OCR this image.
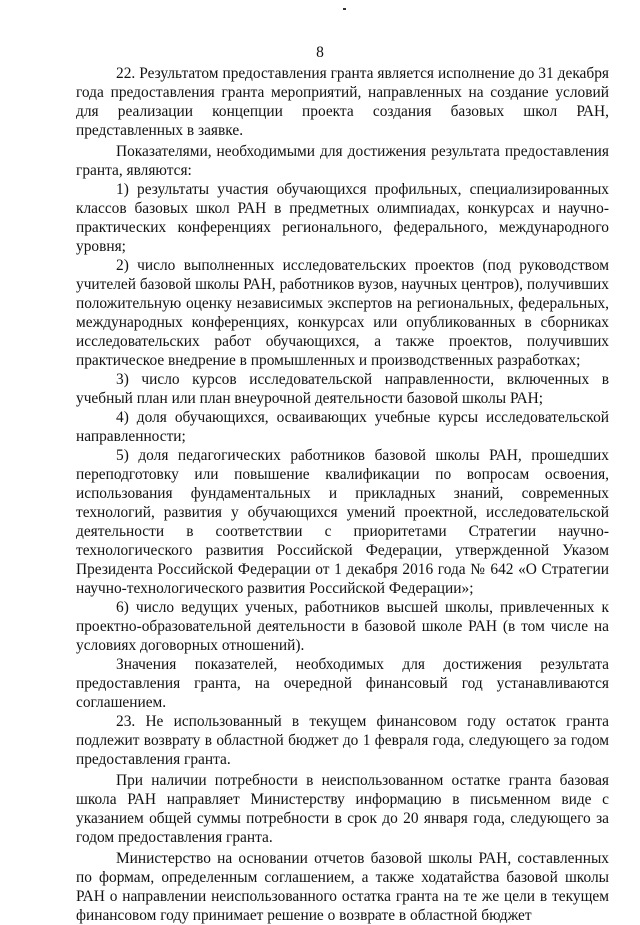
8

22. Результатом предоставления гранта является исполнение до 31 декабря года предоставления гранта мероприятий, направленных на создание условий для реализации концепции проекта создания базовых школ РАН, представленных в заявке.

Показателями, необходимыми для достижения результата предоставления гранта, являются:

1) результаты участия обучающихся профильных, специализированных классов базовых школ РАН в предметных олимпиадах, конкурсах и научно-практических конференциях регионального, федерального, международного уровня;

2) число выполненных исследовательских проектов (под руководством учителей базовой школы РАН, работников вузов, научных центров), получивших положительную оценку независимых экспертов на региональных, федеральных, международных конференциях, конкурсах или опубликованных в сборниках исследовательских работ обучающихся, а также проектов, получивших практическое внедрение в промышленных и производственных разработках;

3) число курсов исследовательской направленности, включенных в учебный план или план внеурочной деятельности базовой школы РАН;

4) доля обучающихся, осваивающих учебные курсы исследовательской направленности;

5) доля педагогических работников базовой школы РАН, прошедших переподготовку или повышение квалификации по вопросам освоения, использования фундаментальных и прикладных знаний, современных технологий, развития у обучающихся умений проектной, исследовательской деятельности в соответствии с приоритетами Стратегии научно-технологического развития Российской Федерации, утвержденной Указом Президента Российской Федерации от 1 декабря 2016 года № 642 «О Стратегии научно-технологического развития Российской Федерации»;

6) число ведущих ученых, работников высшей школы, привлеченных к проектно-образовательной деятельности в базовой школе РАН (в том числе на условиях договорных отношений).

Значения показателей, необходимых для достижения результата предоставления гранта, на очередной финансовый год устанавливаются соглашением.

23. Не использованный в текущем финансовом году остаток гранта подлежит возврату в областной бюджет до 1 февраля года, следующего за годом предоставления гранта.

При наличии потребности в неиспользованном остатке гранта базовая школа РАН направляет Министерству информацию в письменном виде с указанием общей суммы потребности в срок до 20 января года, следующего за годом предоставления гранта.

Министерство на основании отчетов базовой школы РАН, составленных по формам, определенным соглашением, а также ходатайства базовой школы РАН о направлении неиспользованного остатка гранта на те же цели в текущем финансовом году принимает решение о возврате в областной бюджет
